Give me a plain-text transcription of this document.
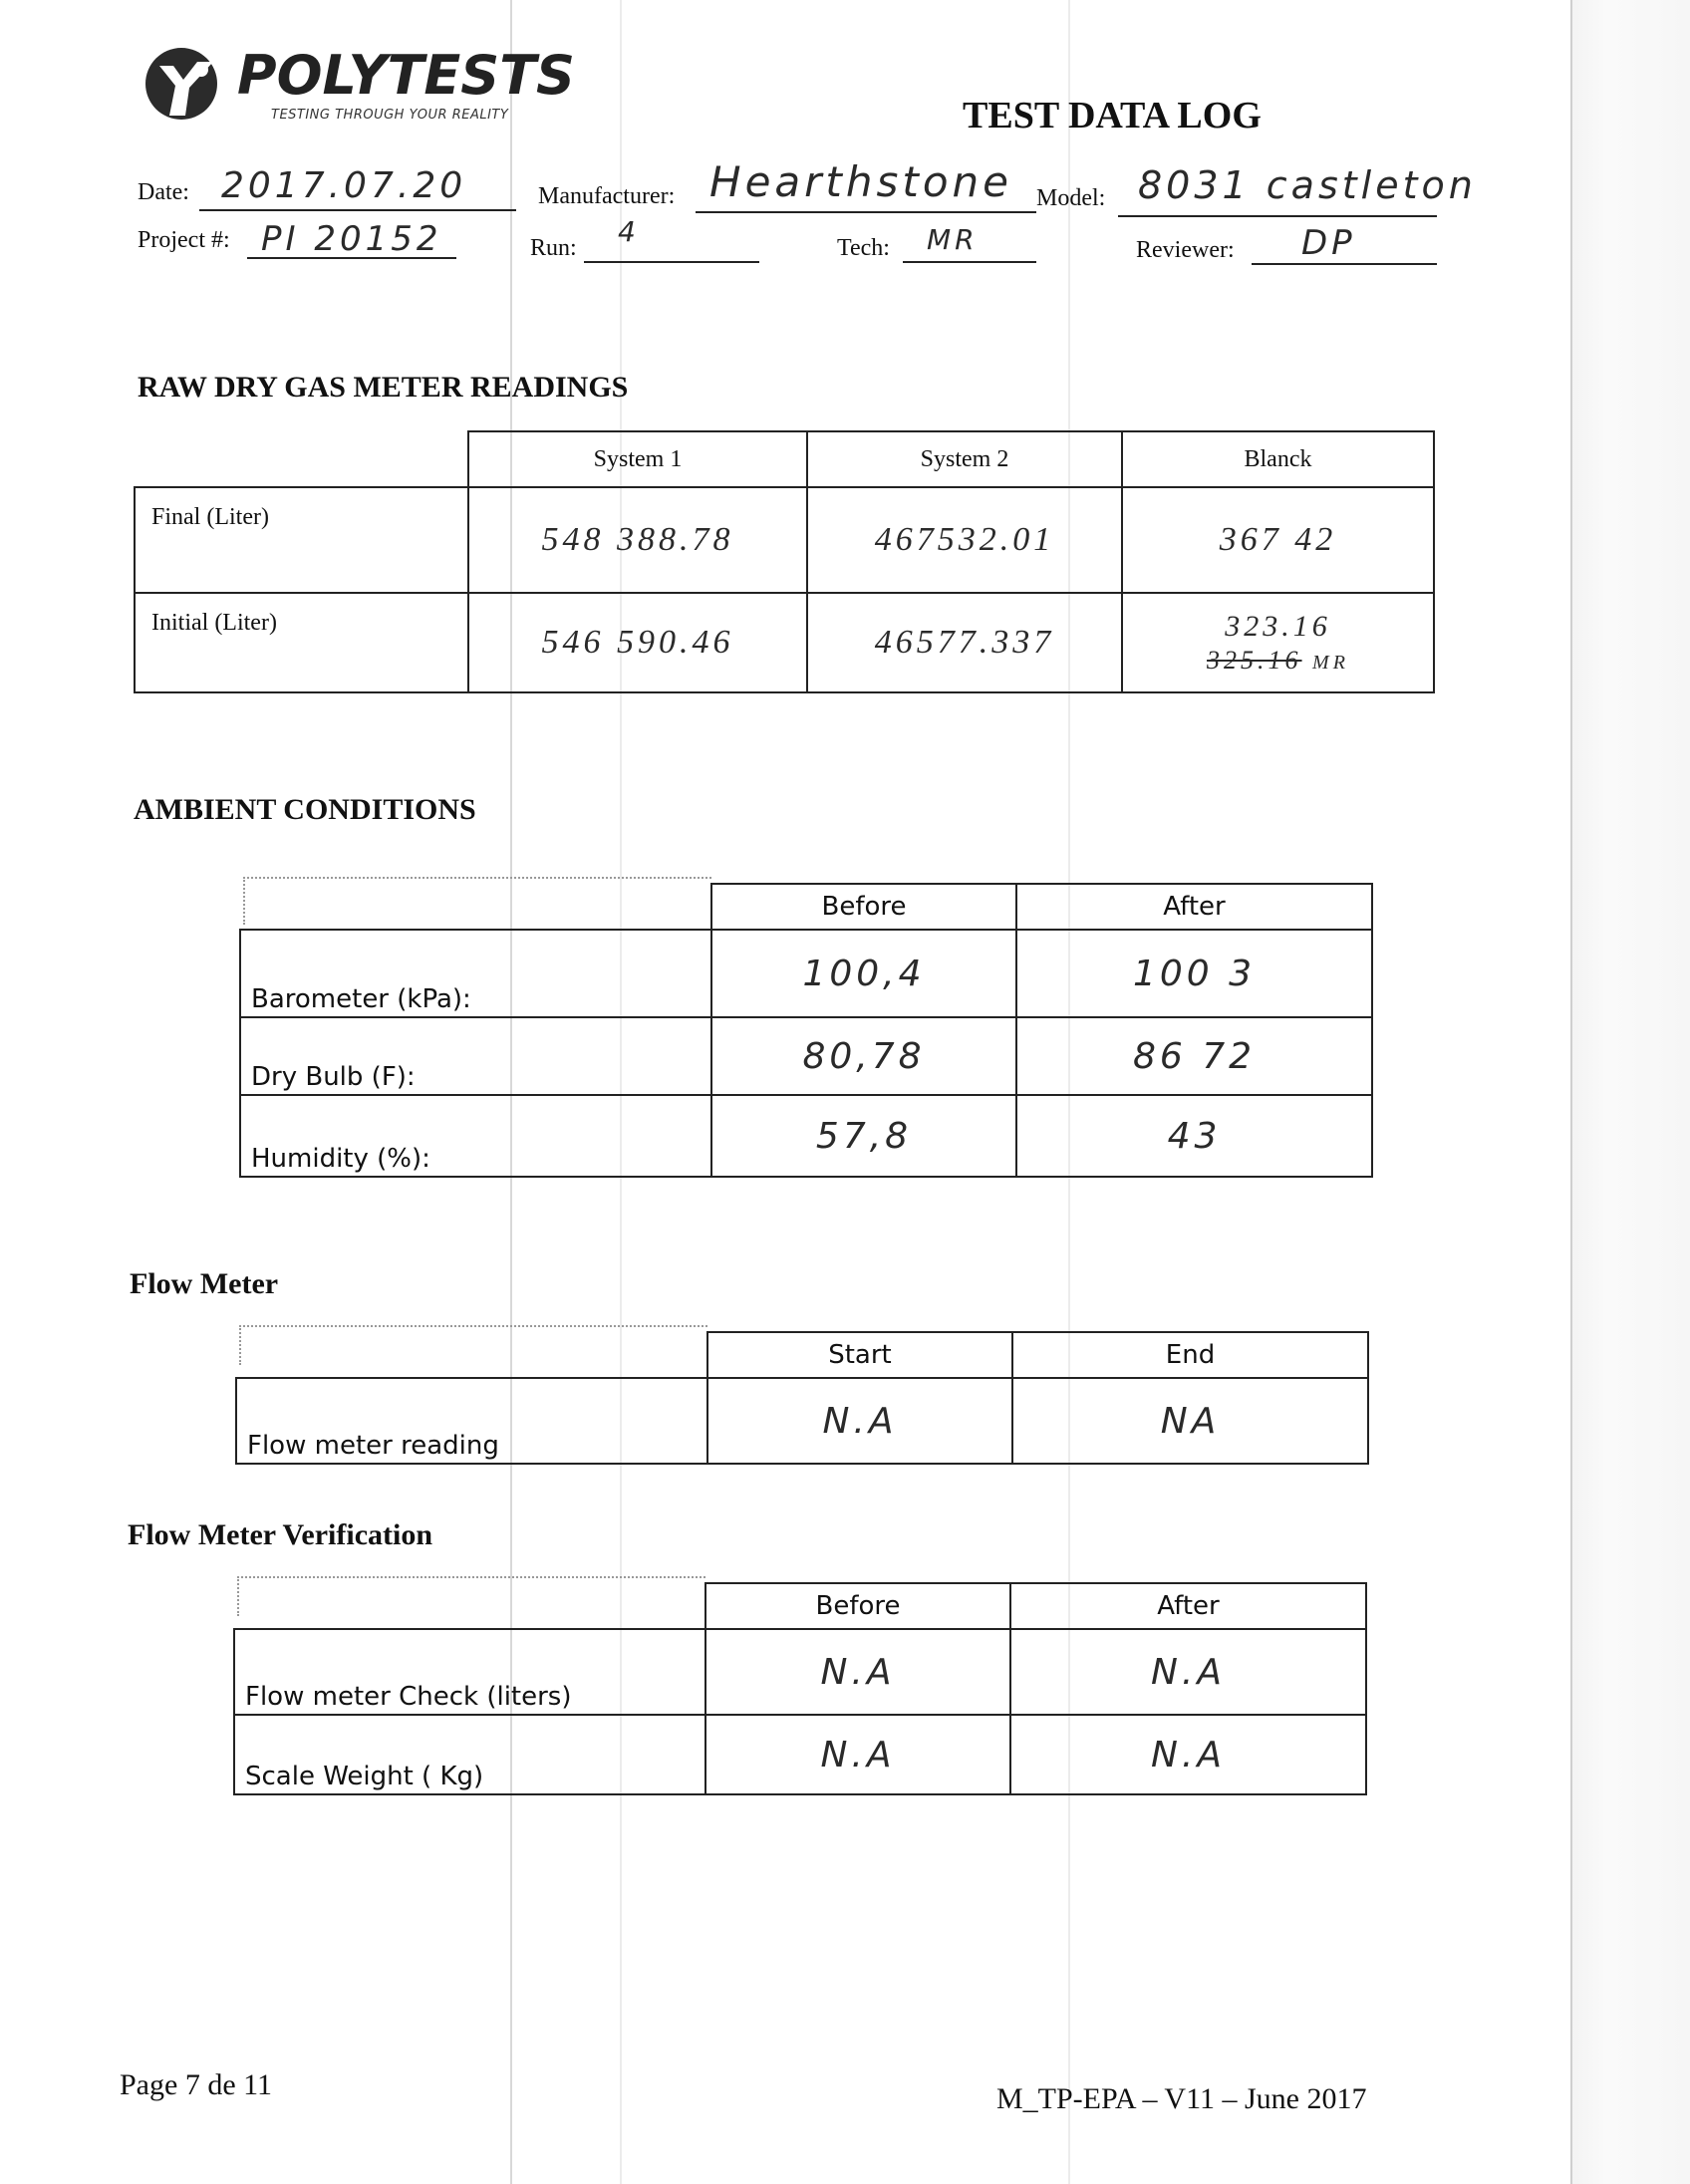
POLYTESTS
TESTING THROUGH YOUR REALITY	TEST DATA LOG
Date: 2017.07.20	Manufacturer: Hearthstone Model: 8031 castleton
Project #: PI 20152	Run: 4	Tech: MR	Reviewer: DP
RAW DRY GAS METER READINGS
	System 1	System 2	Blanck
Final (Liter)	548 388.78	467532.01	367 42
Initial (Liter)	546 590.46	46577.337	323.16
325.16 MR
AMBIENT CONDITIONS
	Before	After
Barometer (kPa):	100,4	100 3
Dry Bulb (F):	80,78	86 72
Humidity (%):	57,8	43
Flow Meter
	Start	End
Flow meter reading	N.A	NA
Flow Meter Verification
	Before	After
Flow meter Check (liters)	N.A	N.A
Scale Weight ( Kg)	N.A	N.A
Page 7 de 11	M_TP-EPA – V11 – June 2017
